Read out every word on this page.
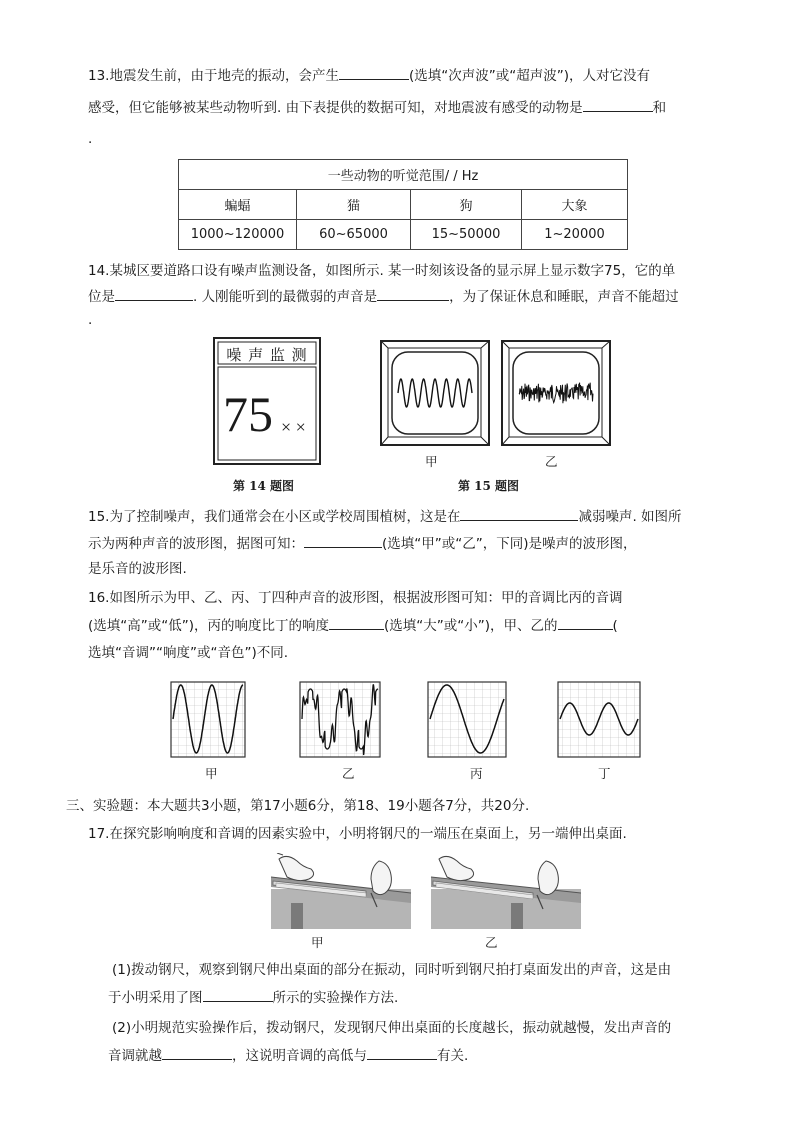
13.地震发生前，由于地壳的振动，会产生	(选填“次声波”或“超声波”)，人对它没有
感受，但它能够被某些动物听到. 由下表提供的数据可知，对地震波有感受的动物是	和
.
一些动物的听觉范围/ / Hz			
蝙蝠	猫	狗	大象
1000~120000	60~65000	15~50000	1~20000
14.某城区要道路口设有噪声监测设备，如图所示. 某一时刻该设备的显示屏上显示数字75，它的单
位是	. 人刚能听到的最微弱的声音是	，为了保证休息和睡眠，声音不能超过
.
噪 声 监 测
75 × ×
第 14 题图
甲	乙
第 15 题图
15.为了控制噪声，我们通常会在小区或学校周围植树，这是在	减弱噪声. 如图所
示为两种声音的波形图，据图可知：	(选填“甲”或“乙”，下同)是噪声的波形图，
是乐音的波形图.
16.如图所示为甲、乙、丙、丁四种声音的波形图，根据波形图可知：甲的音调比丙的音调
(选填“高”或“低”)，丙的响度比丁的响度	(选填“大”或“小”)，甲、乙的	(
选填“音调”“响度”或“音色”)不同.
甲	乙	丙	丁
三、实验题：本大题共3小题，第17小题6分，第18、19小题各7分，共20分.
17.在探究影响响度和音调的因素实验中，小明将钢尺的一端压在桌面上，另一端伸出桌面.
甲	乙
(1)拨动钢尺，观察到钢尺伸出桌面的部分在振动，同时听到钢尺拍打桌面发出的声音，这是由
于小明采用了图	所示的实验操作方法.
(2)小明规范实验操作后，拨动钢尺，发现钢尺伸出桌面的长度越长，振动就越慢，发出声音的
音调就越	，这说明音调的高低与	有关.
